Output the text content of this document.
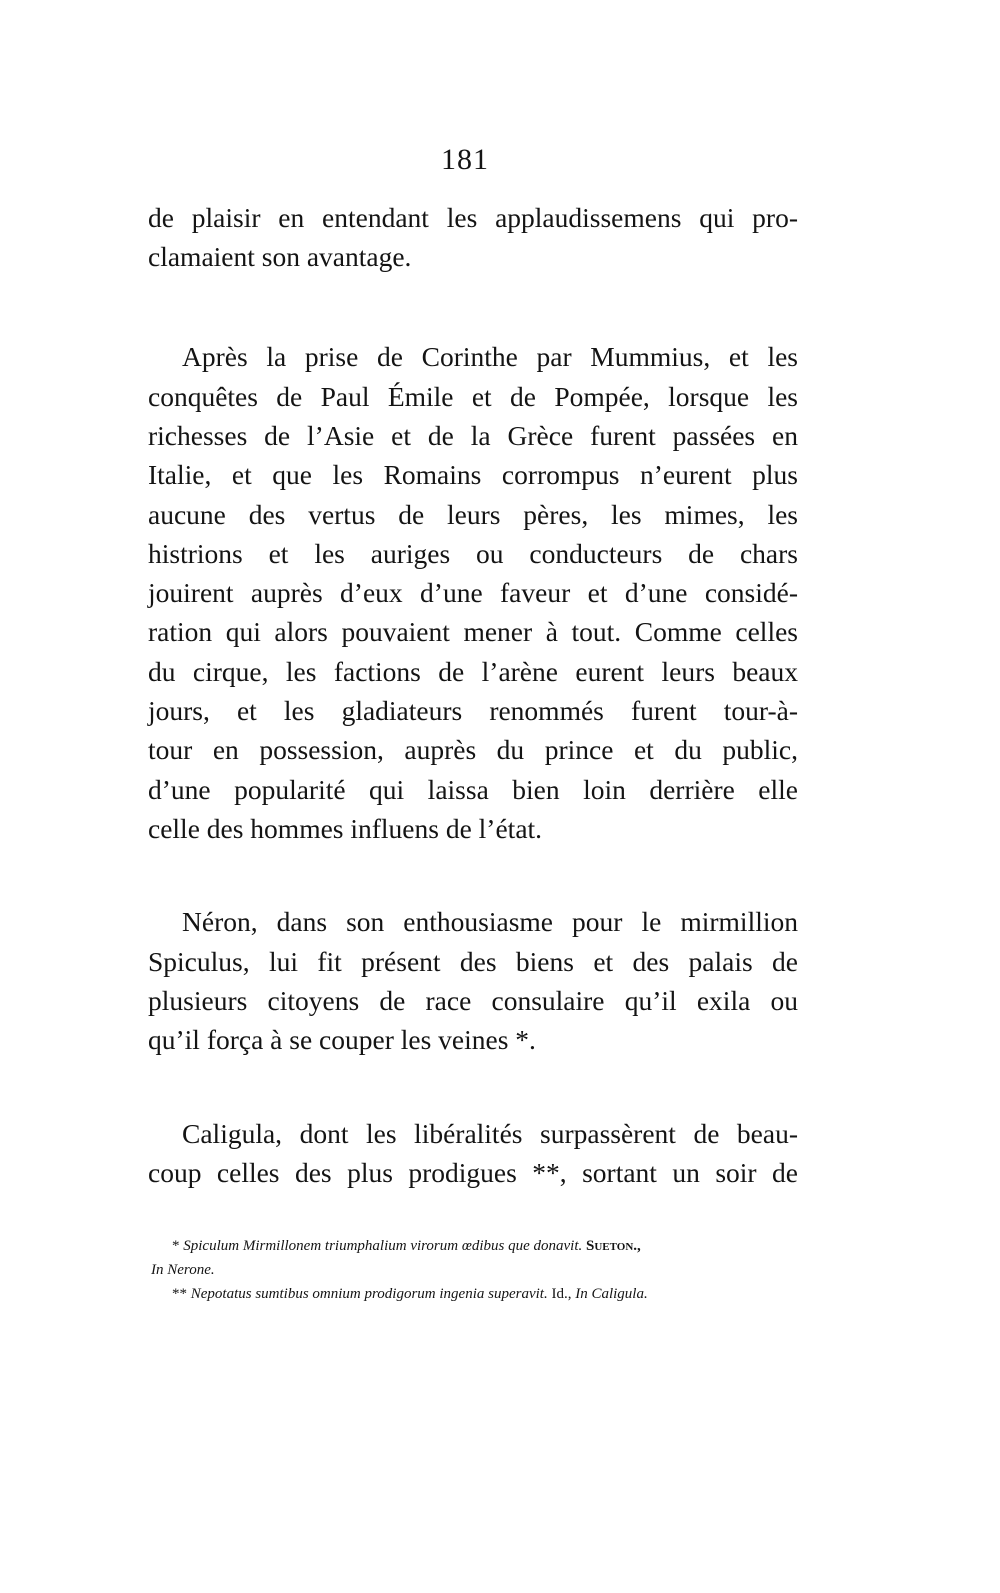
181
de plaisir en entendant les applaudissemens qui pro-
clamaient son avantage.
Après la prise de Corinthe par Mummius, et les
conquêtes de Paul Émile et de Pompée, lorsque les
richesses de l’Asie et de la Grèce furent passées en
Italie, et que les Romains corrompus n’eurent plus
aucune des vertus de leurs pères, les mimes, les
histrions et les auriges ou conducteurs de chars
jouirent auprès d’eux d’une faveur et d’une considé-
ration qui alors pouvaient mener à tout. Comme celles
du cirque, les factions de l’arène eurent leurs beaux
jours, et les gladiateurs renommés furent tour-à-
tour en possession, auprès du prince et du public,
d’une popularité qui laissa bien loin derrière elle
celle des hommes influens de l’état.
Néron, dans son enthousiasme pour le mirmillion
Spiculus, lui fit présent des biens et des palais de
plusieurs citoyens de race consulaire qu’il exila ou
qu’il força à se couper les veines *.
Caligula, dont les libéralités surpassèrent de beau-
coup celles des plus prodigues **, sortant un soir de
* Spiculum Mirmillonem triumphalium virorum œdibus que donavit. Sueton.,
In Nerone.
** Nepotatus sumtibus omnium prodigorum ingenia superavit. Id., In Caligula.
